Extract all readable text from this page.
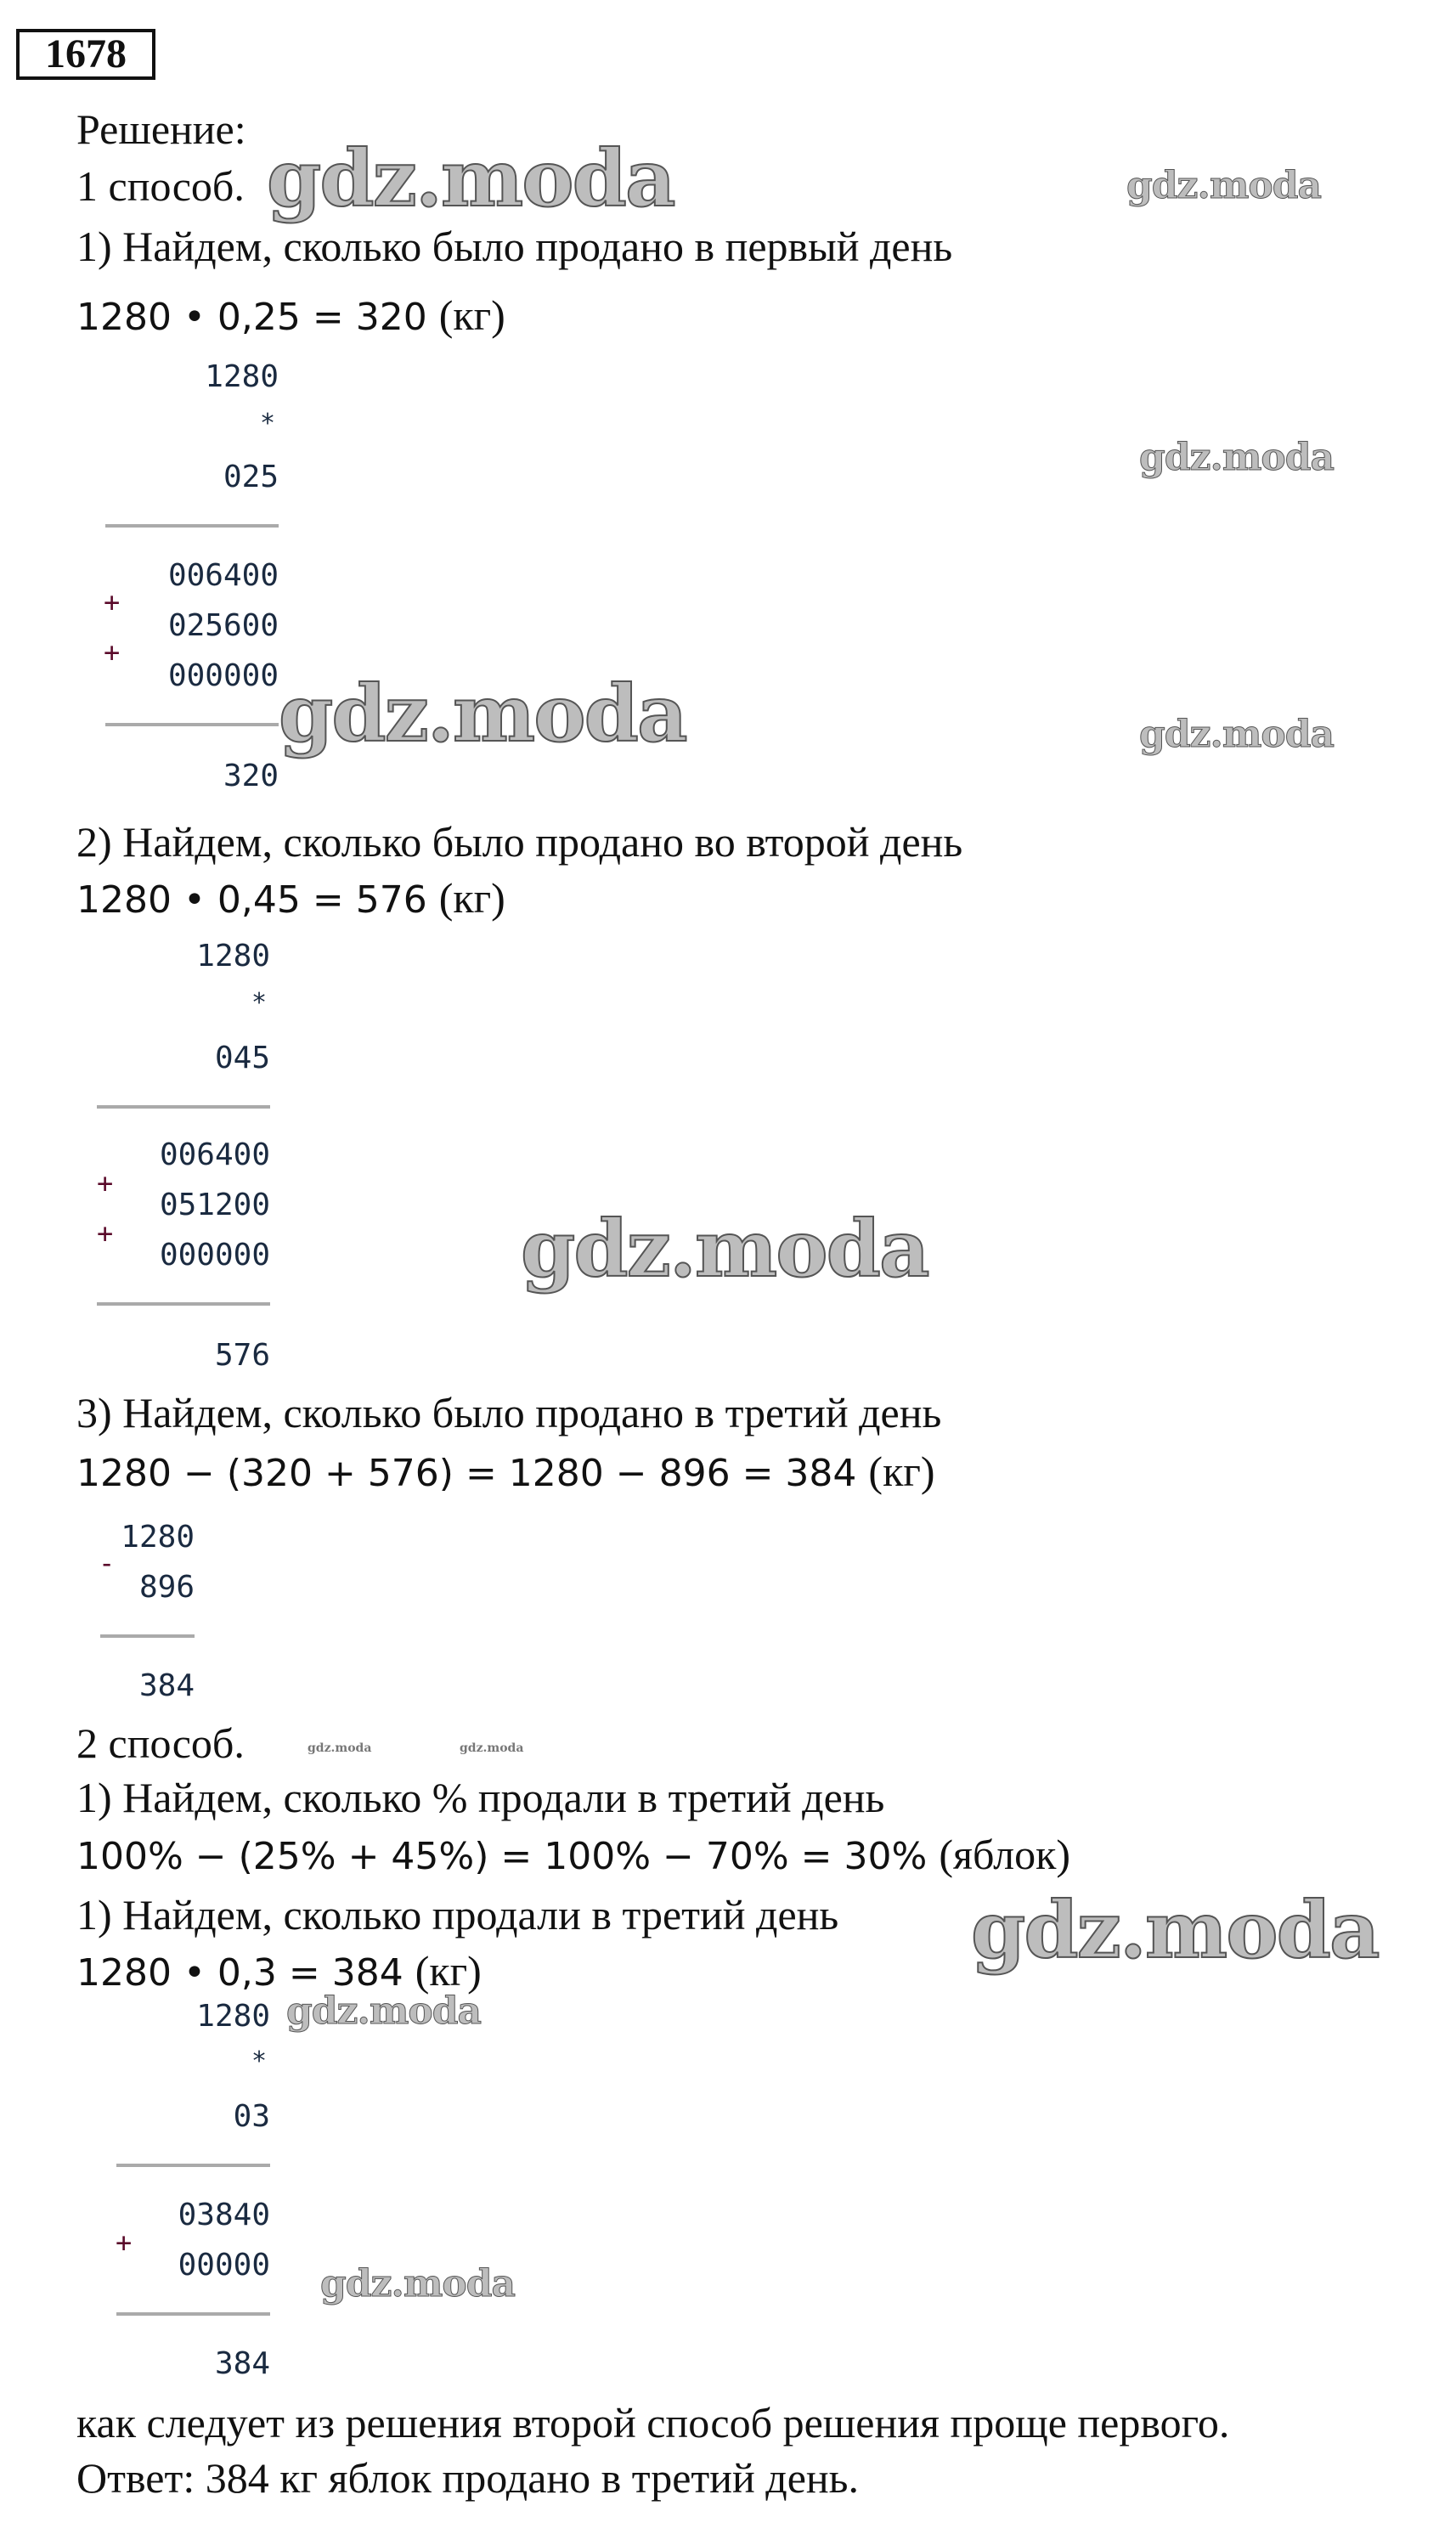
1678
Решение:
1 способ.
1) Найдем, сколько было продано в первый день
1280 • 0,25 = 320 (кг)
1280
*
025
006400
+
025600
+
000000
320
2) Найдем, сколько было продано во второй день
1280 • 0,45 = 576 (кг)
1280
*
045
006400
+
051200
+
000000
576
3) Найдем, сколько было продано в третий день
1280 − (320 + 576) = 1280 − 896 = 384 (кг)
1280
-
896
384
2 способ.
1) Найдем, сколько % продали в третий день
100% − (25% + 45%) = 100% − 70% = 30% (яблок)
1) Найдем, сколько продали в третий день
1280 • 0,3 = 384 (кг)
1280
*
03
03840
+
00000
384
как следует из решения второй способ решения проще первого.
Ответ: 384 кг яблок продано в третий день.
gdz.moda
gdz.moda
gdz.moda
gdz.moda
gdz.moda
gdz.moda
gdz.moda
gdz.moda
gdz.moda
gdz.moda	gdz.moda
